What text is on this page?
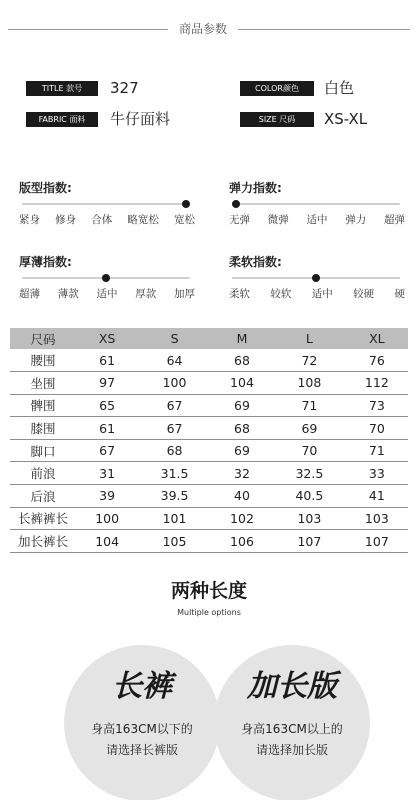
商品参数
TITLE 款号	327	COLOR颜色	白色
FABRIC 面料	牛仔面料	SIZE 尺码	XS-XL
版型指数:
紧身 修身 合体 略宽松 宽松
弹力指数:
无弹 微弹 适中 弹力 超弹
厚薄指数:
超薄 薄款 适中 厚款 加厚
柔软指数:
柔软 较软 适中 较硬 硬
尺码	XS	S	M	L	XL
腰围	61	64	68	72	76
坐围	97	100	104	108	112
髀围	65	67	69	71	73
膝围	61	67	68	69	70
脚口	67	68	69	70	71
前浪	31	31.5	32	32.5	33
后浪	39	39.5	40	40.5	41
长裤裤长	100	101	102	103	103
加长裤长	104	105	106	107	107
两种长度
Multiple options
长裤
身高163CM以下的
请选择长裤版
加长版
身高163CM以上的
请选择加长版
